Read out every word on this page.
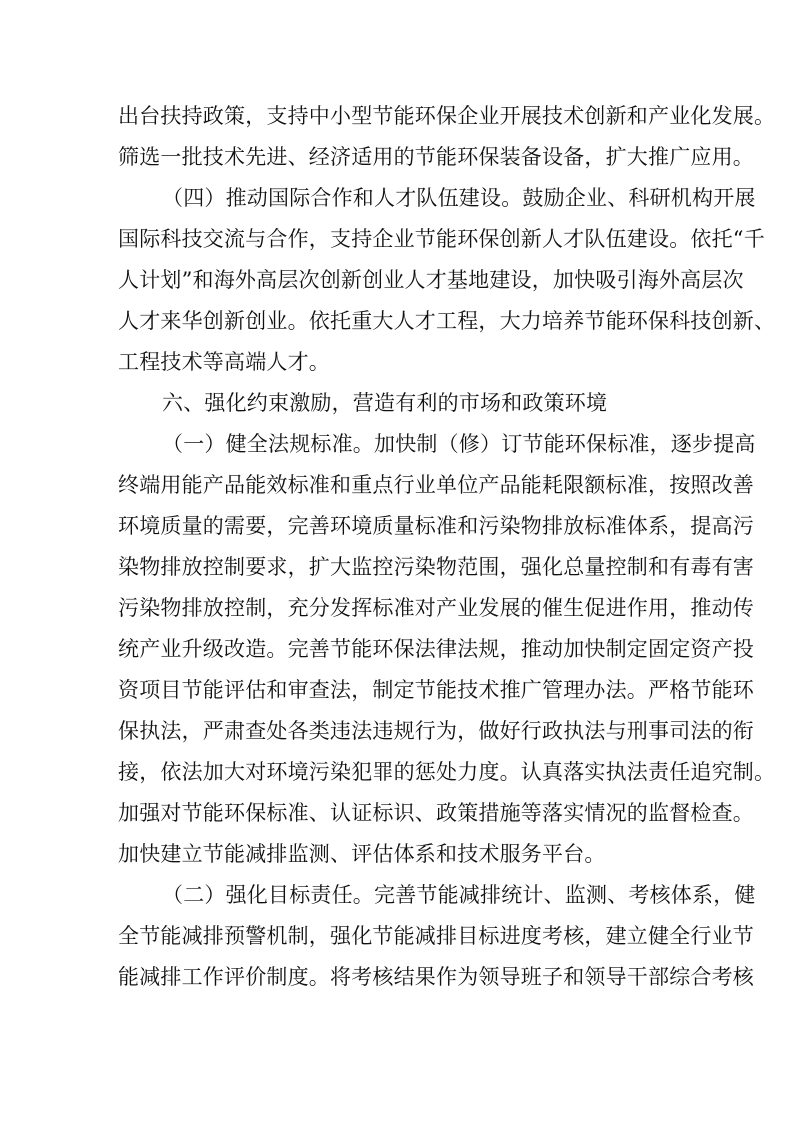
出台扶持政策，支持中小型节能环保企业开展技术创新和产业化发展。
筛选一批技术先进、经济适用的节能环保装备设备，扩大推广应用。
（四）推动国际合作和人才队伍建设。鼓励企业、科研机构开展
国际科技交流与合作，支持企业节能环保创新人才队伍建设。依托“千
人计划”和海外高层次创新创业人才基地建设，加快吸引海外高层次
人才来华创新创业。依托重大人才工程，大力培养节能环保科技创新、
工程技术等高端人才。
六、强化约束激励，营造有利的市场和政策环境
（一）健全法规标准。加快制（修）订节能环保标准，逐步提高
终端用能产品能效标准和重点行业单位产品能耗限额标准，按照改善
环境质量的需要，完善环境质量标准和污染物排放标准体系，提高污
染物排放控制要求，扩大监控污染物范围，强化总量控制和有毒有害
污染物排放控制，充分发挥标准对产业发展的催生促进作用，推动传
统产业升级改造。完善节能环保法律法规，推动加快制定固定资产投
资项目节能评估和审查法，制定节能技术推广管理办法。严格节能环
保执法，严肃查处各类违法违规行为，做好行政执法与刑事司法的衔
接，依法加大对环境污染犯罪的惩处力度。认真落实执法责任追究制。
加强对节能环保标准、认证标识、政策措施等落实情况的监督检查。
加快建立节能减排监测、评估体系和技术服务平台。
（二）强化目标责任。完善节能减排统计、监测、考核体系，健
全节能减排预警机制，强化节能减排目标进度考核，建立健全行业节
能减排工作评价制度。将考核结果作为领导班子和领导干部综合考核
